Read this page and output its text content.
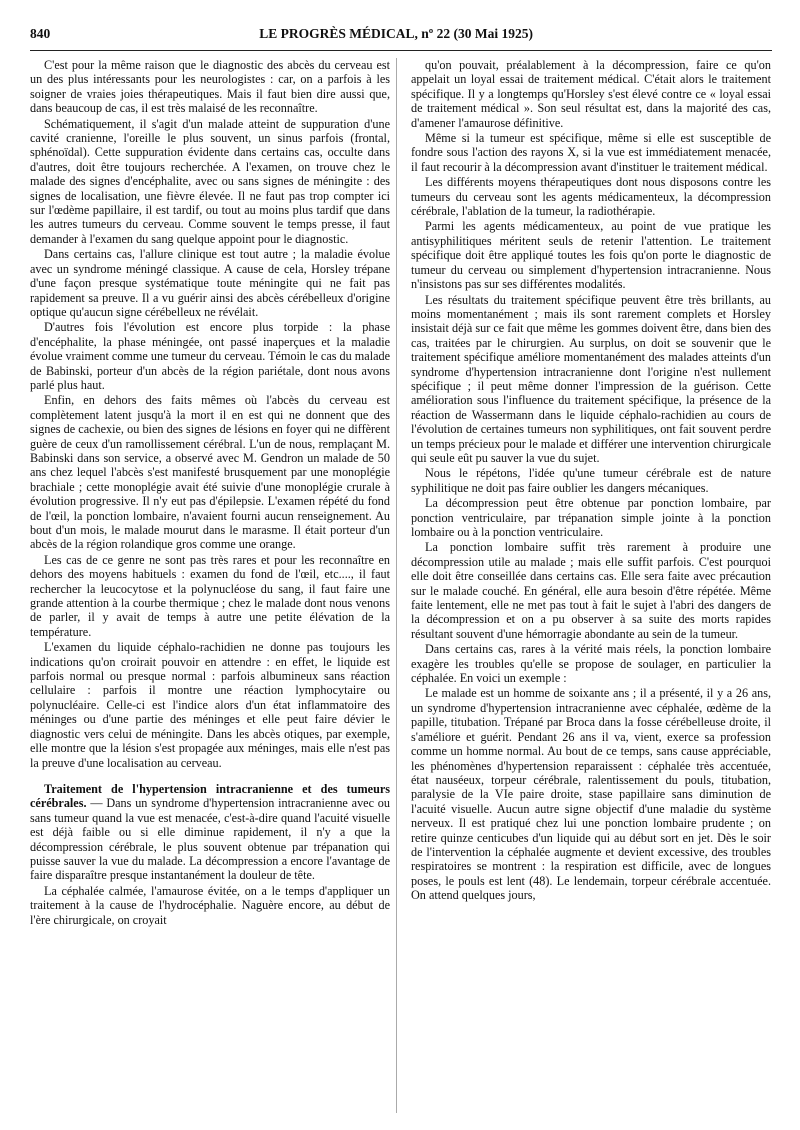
840	LE PROGRÈS MÉDICAL, nº 22 (30 Mai 1925)

C'est pour la même raison que le diagnostic des abcès du cerveau est un des plus intéressants pour les neurologistes : car, on a parfois à les soigner de vraies joies thérapeutiques. Mais il faut bien dire aussi que, dans beaucoup de cas, il est très malaisé de les reconnaître.

Schématiquement, il s'agit d'un malade atteint de suppuration d'une cavité cranienne, l'oreille le plus souvent, un sinus parfois (frontal, sphénoïdal). Cette suppuration évidente dans certains cas, occulte dans d'autres, doit être toujours recherchée. A l'examen, on trouve chez le malade des signes d'encéphalite, avec ou sans signes de méningite : des signes de localisation, une fièvre élevée. Il ne faut pas trop compter ici sur l'œdème papillaire, il est tardif, ou tout au moins plus tardif que dans les autres tumeurs du cerveau. Comme souvent le temps presse, il faut demander à l'examen du sang quelque appoint pour le diagnostic.

Dans certains cas, l'allure clinique est tout autre ; la maladie évolue avec un syndrome méningé classique. A cause de cela, Horsley trépane d'une façon presque systématique toute méningite qui ne fait pas rapidement sa preuve. Il a vu guérir ainsi des abcès cérébelleux d'origine optique qu'aucun signe cérébelleux ne révélait.

D'autres fois l'évolution est encore plus torpide : la phase d'encéphalite, la phase méningée, ont passé inaperçues et la maladie évolue vraiment comme une tumeur du cerveau. Témoin le cas du malade de Babinski, porteur d'un abcès de la région pariétale, dont nous avons parlé plus haut.

Enfin, en dehors des faits mêmes où l'abcès du cerveau est complètement latent jusqu'à la mort il en est qui ne donnent que des signes de cachexie, ou bien des signes de lésions en foyer qui ne diffèrent guère de ceux d'un ramollissement cérébral. L'un de nous, remplaçant M. Babinski dans son service, a observé avec M. Gendron un malade de 50 ans chez lequel l'abcès s'est manifesté brusquement par une monoplégie brachiale ; cette monoplégie avait été suivie d'une monoplégie crurale à évolution progressive. Il n'y eut pas d'épilepsie. L'examen répété du fond de l'œil, la ponction lombaire, n'avaient fourni aucun renseignement. Au bout d'un mois, le malade mourut dans le marasme. Il était porteur d'un abcès de la région rolandique gros comme une orange.

Les cas de ce genre ne sont pas très rares et pour les reconnaître en dehors des moyens habituels : examen du fond de l'œil, etc...., il faut rechercher la leucocytose et la polynucléose du sang, il faut faire une grande attention à la courbe thermique ; chez le malade dont nous venons de parler, il y avait de temps à autre une petite élévation de la température.

L'examen du liquide céphalo-rachidien ne donne pas toujours les indications qu'on croirait pouvoir en attendre : en effet, le liquide est parfois normal ou presque normal : parfois albumineux sans réaction cellulaire : parfois il montre une réaction lymphocytaire ou polynucléaire. Celle-ci est l'indice alors d'un état inflammatoire des méninges ou d'une partie des méninges et elle peut faire dévier le diagnostic vers celui de méningite. Dans les abcès otiques, par exemple, elle montre que la lésion s'est propagée aux méninges, mais elle n'est pas la preuve d'une localisation au cerveau.

Traitement de l'hypertension intracranienne et des tumeurs cérébrales. — Dans un syndrome d'hypertension intracranienne avec ou sans tumeur quand la vue est menacée, c'est-à-dire quand l'acuité visuelle est déjà faible ou si elle diminue rapidement, il n'y a que la décompression cérébrale, le plus souvent obtenue par trépanation qui puisse sauver la vue du malade. La décompression a encore l'avantage de faire disparaître presque instantanément la douleur de tête.

La céphalée calmée, l'amaurose évitée, on a le temps d'appliquer un traitement à la cause de l'hydrocéphalie. Naguère encore, au début de l'ère chirurgicale, on croyait

qu'on pouvait, préalablement à la décompression, faire ce qu'on appelait un loyal essai de traitement médical. C'était alors le traitement spécifique. Il y a longtemps qu'Horsley s'est élevé contre ce « loyal essai de traitement médical ». Son seul résultat est, dans la majorité des cas, d'amener l'amaurose définitive.

Même si la tumeur est spécifique, même si elle est susceptible de fondre sous l'action des rayons X, si la vue est immédiatement menacée, il faut recourir à la décompression avant d'instituer le traitement médical.

Les différents moyens thérapeutiques dont nous disposons contre les tumeurs du cerveau sont les agents médicamenteux, la décompression cérébrale, l'ablation de la tumeur, la radiothérapie.

Parmi les agents médicamenteux, au point de vue pratique les antisyphilitiques méritent seuls de retenir l'attention. Le traitement spécifique doit être appliqué toutes les fois qu'on porte le diagnostic de tumeur du cerveau ou simplement d'hypertension intracranienne. Nous n'insistons pas sur ses différentes modalités.

Les résultats du traitement spécifique peuvent être très brillants, au moins momentanément ; mais ils sont rarement complets et Horsley insistait déjà sur ce fait que même les gommes doivent être, dans bien des cas, traitées par le chirurgien. Au surplus, on doit se souvenir que le traitement spécifique améliore momentanément des malades atteints d'un syndrome d'hypertension intracranienne dont l'origine n'est nullement spécifique ; il peut même donner l'impression de la guérison. Cette amélioration sous l'influence du traitement spécifique, la présence de la réaction de Wassermann dans le liquide céphalo-rachidien au cours de l'évolution de certaines tumeurs non syphilitiques, ont fait souvent perdre un temps précieux pour le malade et différer une intervention chirurgicale qui seule eût pu sauver la vue du sujet.

Nous le répétons, l'idée qu'une tumeur cérébrale est de nature syphilitique ne doit pas faire oublier les dangers mécaniques.

La décompression peut être obtenue par ponction lombaire, par ponction ventriculaire, par trépanation simple jointe à la ponction lombaire ou à la ponction ventriculaire.

La ponction lombaire suffit très rarement à produire une décompression utile au malade ; mais elle suffit parfois. C'est pourquoi elle doit être conseillée dans certains cas. Elle sera faite avec précaution sur le malade couché. En général, elle aura besoin d'être répétée. Même faite lentement, elle ne met pas tout à fait le sujet à l'abri des dangers de la décompression et on a pu observer à sa suite des morts rapides résultant souvent d'une hémorragie abondante au sein de la tumeur.

Dans certains cas, rares à la vérité mais réels, la ponction lombaire exagère les troubles qu'elle se propose de soulager, en particulier la céphalée. En voici un exemple :

Le malade est un homme de soixante ans ; il a présenté, il y a 26 ans, un syndrome d'hypertension intracranienne avec céphalée, œdème de la papille, titubation. Trépané par Broca dans la fosse cérébelleuse droite, il s'améliore et guérit. Pendant 26 ans il va, vient, exerce sa profession comme un homme normal. Au bout de ce temps, sans cause appréciable, les phénomènes d'hypertension reparaissent : céphalée très accentuée, état nauséeux, torpeur cérébrale, ralentissement du pouls, titubation, paralysie de la VIe paire droite, stase papillaire sans diminution de l'acuité visuelle. Aucun autre signe objectif d'une maladie du système nerveux. Il est pratiqué chez lui une ponction lombaire prudente ; on retire quinze centicubes d'un liquide qui au début sort en jet. Dès le soir de l'intervention la céphalée augmente et devient excessive, des troubles respiratoires se montrent : la respiration est difficile, avec de longues poses, le pouls est lent (48). Le lendemain, torpeur cérébrale accentuée. On attend quelques jours,
